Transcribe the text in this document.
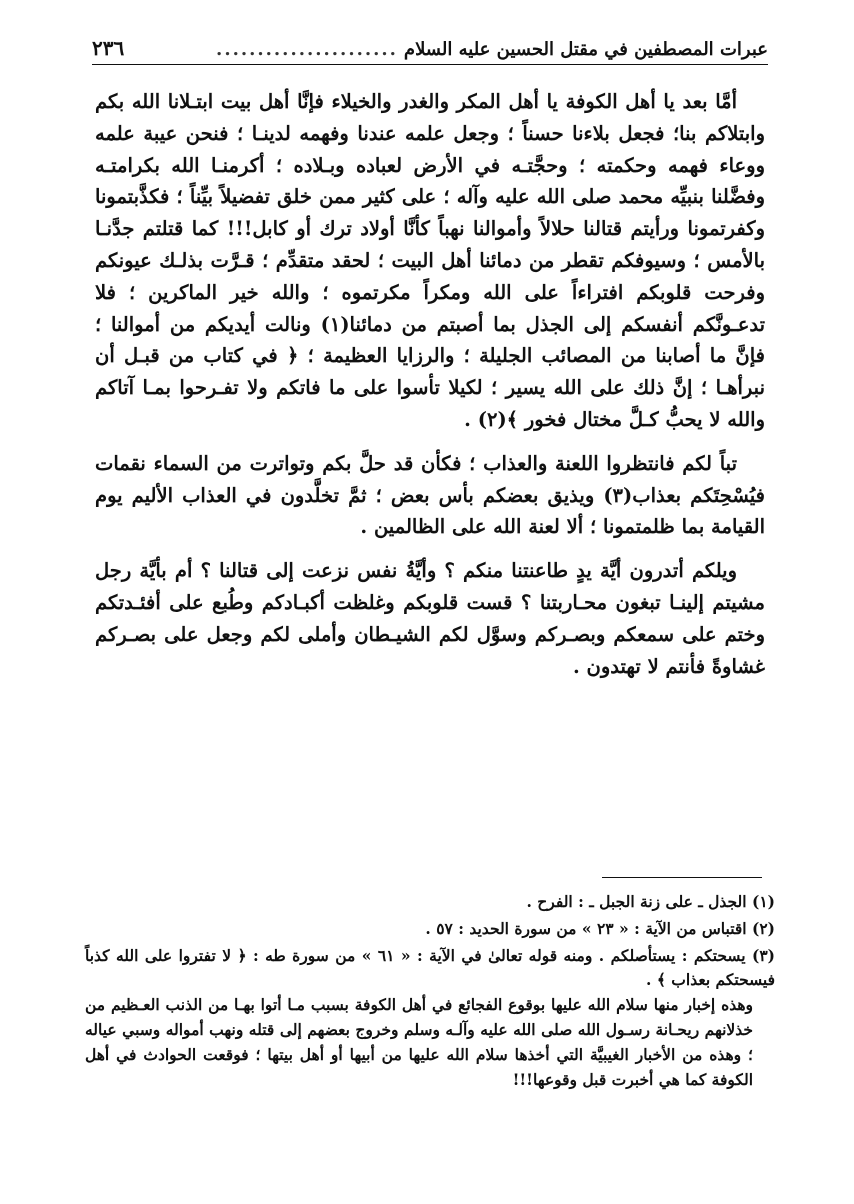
عبرات المصطفين في مقتل الحسين عليه السلام
......................
٢٣٦

أمَّا بعد يا أهل الكوفة يا أهل المكر والغدر والخيلاء فإنَّا أهل بيت ابتـلانا الله بكم وابتلاكم بنا؛ فجعل بلاءنا حسناً ؛ وجعل علمه عندنا وفهمه لدينـا ؛ فنحن عيبة علمه ووعاء فهمه وحكمته ؛ وحجَّتـه في الأرض لعباده وبـلاده ؛ أكرمنـا الله بكرامتـه وفضَّلنا بنبيِّه محمد صلى الله عليه وآله ؛ على كثير ممن خلق تفضيلاً بيِّناً ؛ فكذَّبتمونا وكفرتمونا ورأيتم قتالنا حلالاً وأموالنا نهباً كأنَّا أولاد ترك أو كابل!!! كما قتلتم جدَّنـا بالأمس ؛ وسيوفكم تقطر من دمائنا أهل البيت ؛ لحقد متقدِّم ؛ قـرَّت بذلـك عيونكم وفرحت قلوبكم افتراءاً على الله ومكراً مكرتموه ؛ والله خير الماكرين ؛ فلا تدعـونَّكم أنفسكم إلى الجذل بما أصبتم من دمائنا(١) ونالت أيديكم من أموالنا ؛ فإنَّ ما أصابنا من المصائب الجليلة ؛ والرزايا العظيمة ؛ ﴿ في كتاب من قبـل أن نبرأهـا ؛ إنَّ ذلك على الله يسير ؛ لكيلا تأسوا على ما فاتكم ولا تفـرحوا بمـا آتاكم والله لا يحبُّ كـلَّ مختال فخور ﴾(٢) .

تباً لكم فانتظروا اللعنة والعذاب ؛ فكأن قد حلَّ بكم وتواترت من السماء نقمات فيُسْحِتَكم بعذاب(٣) ويذيق بعضكم بأس بعض ؛ ثمَّ تخلَّدون في العذاب الأليم يوم القيامة بما ظلمتمونا ؛ ألا لعنة الله على الظالمين .

ويلكم أتدرون أيَّة يدٍ طاعنتنا منكم ؟ وأيَّةُ نفس نزعت إلى قتالنا ؟ أم بأيَّة رجل مشيتم إلينـا تبغون محـاربتنا ؟ قست قلوبكم وغلظت أكبـادكم وطُبع على أفئـدتكم وختم على سمعكم وبصـركم وسوَّل لكم الشيـطان وأملى لكم وجعل على بصـركم غشاوةً فأنتم لا تهتدون .

(١) الجذل ـ على زنة الجبل ـ : الفرح .

(٢) اقتباس من الآية : « ٢٣ » من سورة الحديد : ٥٧ .

(٣) يسحتكم : يستأصلكم . ومنه قوله تعالىٰ في الآية : « ٦١ » من سورة طه : ﴿ لا تفتروا على الله كذباً فيسحتكم بعذاب ﴾ .

وهذه إخبار منها سلام الله عليها بوقوع الفجائع في أهل الكوفة بسبب مـا أتوا بهـا من الذنب العـظيم من خذلانهم ريحـانة رسـول الله صلى الله عليه وآلـه وسلم وخروج بعضهم إلى قتله ونهب أمواله وسبي عياله ؛ وهذه من الأخبار الغيبيَّة التي أخذها سلام الله عليها من أبيها أو أهل بيتها ؛ فوقعت الحوادث في أهل الكوفة كما هي أخبرت قبل وقوعها!!!
